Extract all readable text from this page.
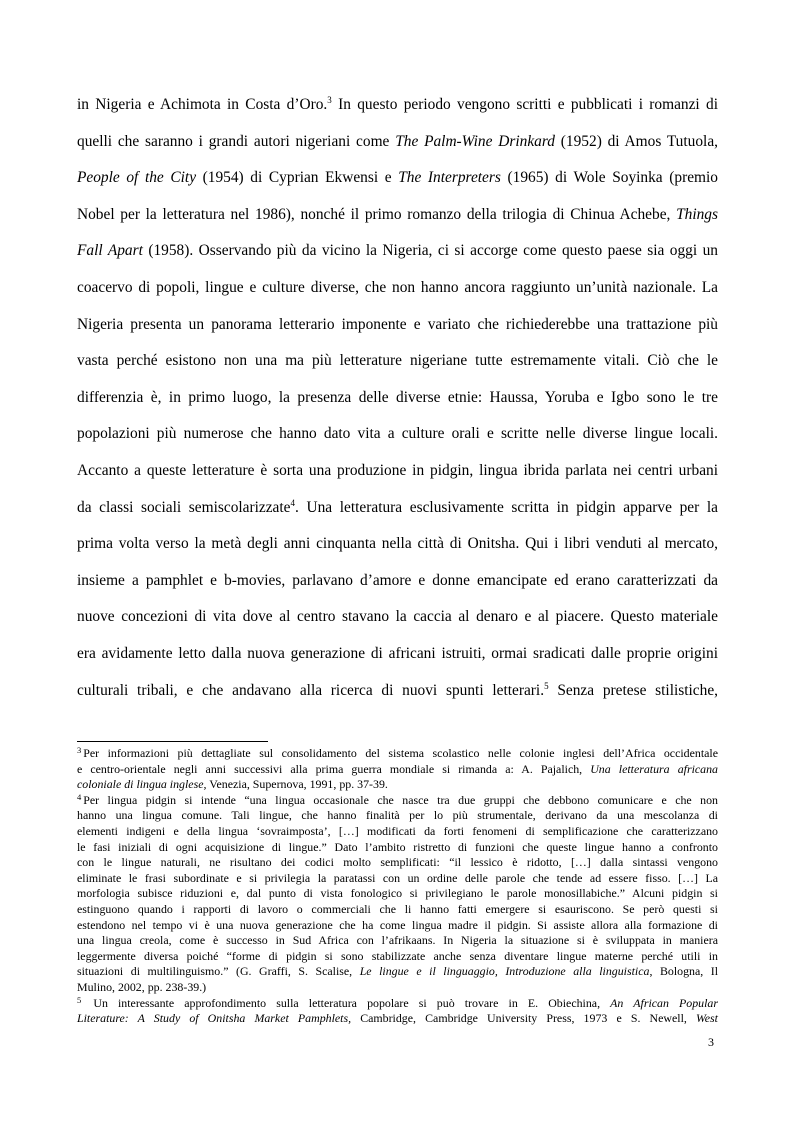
in Nigeria e Achimota in Costa d’Oro.$^3$ In questo periodo vengono scritti e pubblicati i romanzi di
quelli che saranno i grandi autori nigeriani come The Palm-Wine Drinkard (1952) di Amos Tutuola,
People of the City (1954) di Cyprian Ekwensi e The Interpreters (1965) di Wole Soyinka (premio
Nobel per la letteratura nel 1986), nonché il primo romanzo della trilogia di Chinua Achebe, Things
Fall Apart (1958). Osservando più da vicino la Nigeria, ci si accorge come questo paese sia oggi un
coacervo di popoli, lingue e culture diverse, che non hanno ancora raggiunto un’unità nazionale. La
Nigeria presenta un panorama letterario imponente e variato che richiederebbe una trattazione più
vasta perché esistono non una ma più letterature nigeriane tutte estremamente vitali. Ciò che le
differenzia è, in primo luogo, la presenza delle diverse etnie: Haussa, Yoruba e Igbo sono le tre
popolazioni più numerose che hanno dato vita a culture orali e scritte nelle diverse lingue locali.
Accanto a queste letterature è sorta una produzione in pidgin, lingua ibrida parlata nei centri urbani
da classi sociali semiscolarizzate$^4$. Una letteratura esclusivamente scritta in pidgin apparve per la
prima volta verso la metà degli anni cinquanta nella città di Onitsha. Qui i libri venduti al mercato,
insieme a pamphlet e b-movies, parlavano d’amore e donne emancipate ed erano caratterizzati da
nuove concezioni di vita dove al centro stavano la caccia al denaro e al piacere. Questo materiale
era avidamente letto dalla nuova generazione di africani istruiti, ormai sradicati dalle proprie origini
culturali tribali, e che andavano alla ricerca di nuovi spunti letterari.$^5$ Senza pretese stilistiche,
$^3$ Per informazioni più dettagliate sul consolidamento del sistema scolastico nelle colonie inglesi dell’Africa occidentale
e centro-orientale negli anni successivi alla prima guerra mondiale si rimanda a: A. Pajalich, Una letteratura africana
coloniale di lingua inglese, Venezia, Supernova, 1991, pp. 37-39.
$^4$ Per lingua pidgin si intende “una lingua occasionale che nasce tra due gruppi che debbono comunicare e che non
hanno una lingua comune. Tali lingue, che hanno finalità per lo più strumentale, derivano da una mescolanza di
elementi indigeni e della lingua ‘sovraimposta’, […] modificati da forti fenomeni di semplificazione che caratterizzano
le fasi iniziali di ogni acquisizione di lingue.” Dato l’ambito ristretto di funzioni che queste lingue hanno a confronto
con le lingue naturali, ne risultano dei codici molto semplificati: “il lessico è ridotto, […] dalla sintassi vengono
eliminate le frasi subordinate e si privilegia la paratassi con un ordine delle parole che tende ad essere fisso. […] La
morfologia subisce riduzioni e, dal punto di vista fonologico si privilegiano le parole monosillabiche.” Alcuni pidgin si
estinguono quando i rapporti di lavoro o commerciali che li hanno fatti emergere si esauriscono. Se però questi si
estendono nel tempo vi è una nuova generazione che ha come lingua madre il pidgin. Si assiste allora alla formazione di
una lingua creola, come è successo in Sud Africa con l’afrikaans. In Nigeria la situazione si è sviluppata in maniera
leggermente diversa poiché “forme di pidgin si sono stabilizzate anche senza diventare lingue materne perché utili in
situazioni di multilinguismo.” (G. Graffi, S. Scalise, Le lingue e il linguaggio, Introduzione alla linguistica, Bologna, Il
Mulino, 2002, pp. 238-39.)
$^5$ Un interessante approfondimento sulla letteratura popolare si può trovare in E. Obiechina, An African Popular
Literature: A Study of Onitsha Market Pamphlets, Cambridge, Cambridge University Press, 1973 e S. Newell, West
3
